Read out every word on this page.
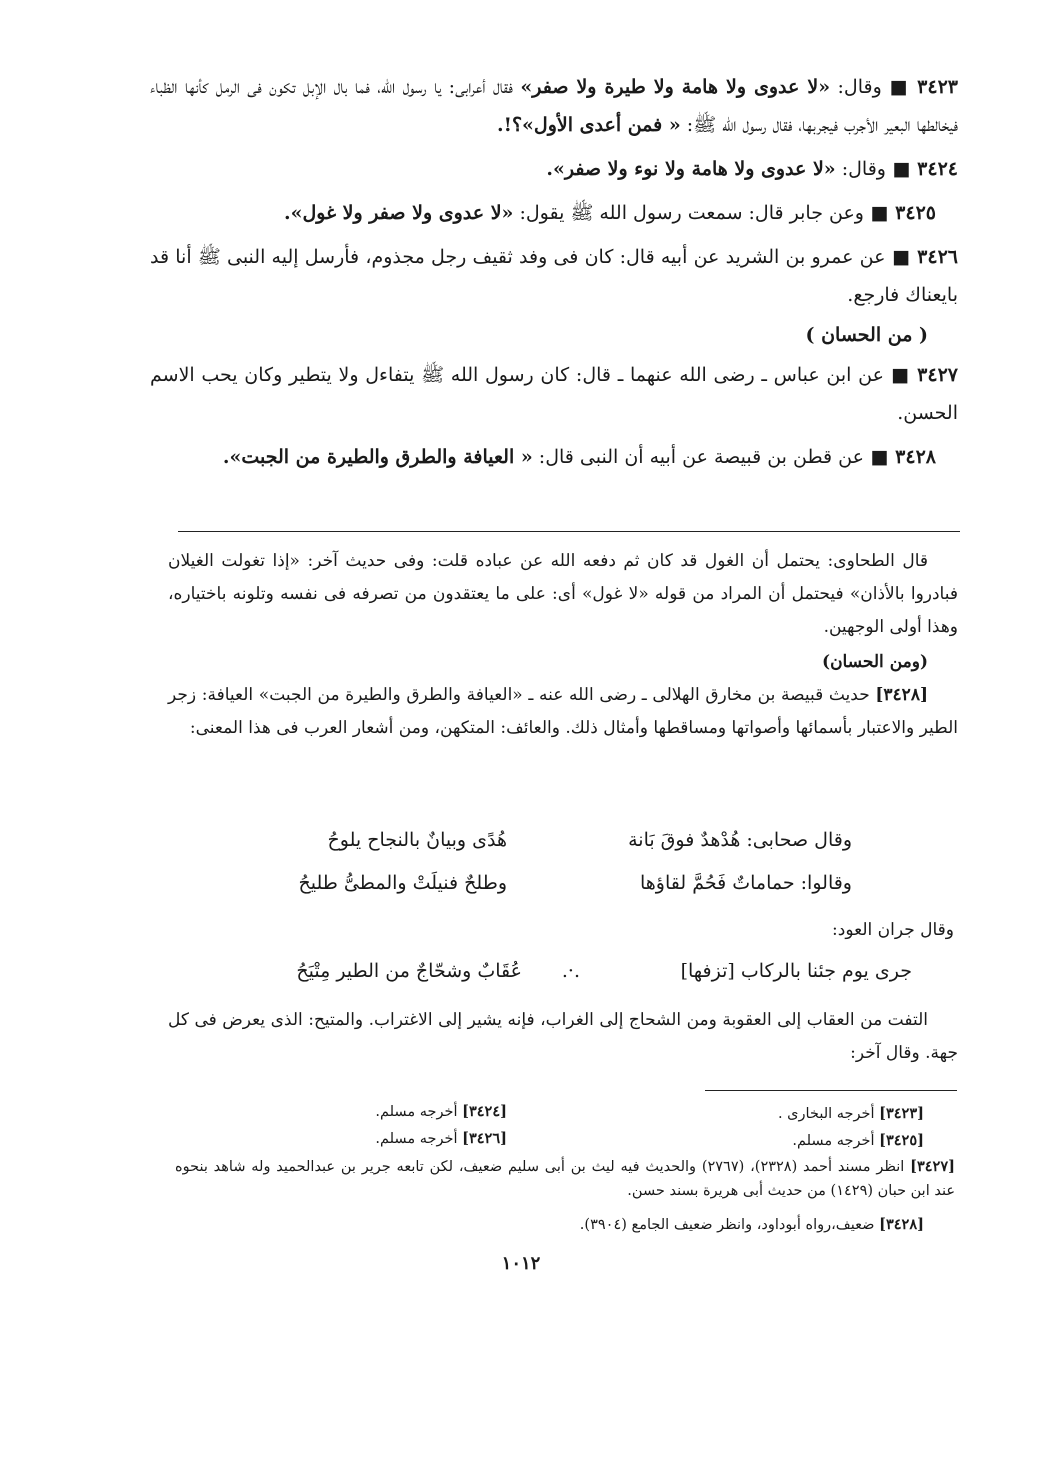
٣٤٢٣ ■ وقال: «لا عدوى ولا هامة ولا طيرة ولا صفر» فقال أعرابى: يا رسول الله، فما بال الإبل تكون فى الرمل كأنها الظباء فيخالطها البعير الأجرب فيجربها، فقال رسول الله ﷺ: « فمن أعدى الأول»؟!.

٣٤٢٤ ■ وقال: «لا عدوى ولا هامة ولا نوء ولا صفر».

٣٤٢٥ ■ وعن جابر قال: سمعت رسول الله ﷺ يقول: «لا عدوى ولا صفر ولا غول».

٣٤٢٦ ■ عن عمرو بن الشريد عن أبيه قال: كان فى وفد ثقيف رجل مجذوم، فأرسل إليه النبى ﷺ أنا قد بايعناك فارجع.

( من الحسان )

٣٤٢٧ ■ عن ابن عباس ـ رضى الله عنهما ـ قال: كان رسول الله ﷺ يتفاءل ولا يتطير وكان يحب الاسم الحسن.

٣٤٢٨ ■ عن قطن بن قبيصة عن أبيه أن النبى قال: « العيافة والطرق والطيرة من الجبت».

قال الطحاوى: يحتمل أن الغول قد كان ثم دفعه الله عن عباده قلت: وفى حديث آخر: «إذا تغولت الغيلان فبادروا بالأذان» فيحتمل أن المراد من قوله «لا غول» أى: على ما يعتقدون من تصرفه فى نفسه وتلونه باختياره، وهذا أولى الوجهين.

(ومن الحسان)

[٣٤٢٨] حديث قبيصة بن مخارق الهلالى ـ رضى الله عنه ـ «العيافة والطرق والطيرة من الجبت» العيافة: زجر الطير والاعتبار بأسمائها وأصواتها ومساقطها وأمثال ذلك. والعائف: المتكهن، ومن أشعار العرب فى هذا المعنى:

وقال صحابى: هُدْهدٌ فوقَ بَانة
هُدًى وبيانٌ بالنجاح يلوحُ
وقالوا: حماماتٌ فَحُمَّ لقاؤها
وطلحٌ فنيلَتْ والمطىُّ طليحُ
وقال جران العود:
جرى يوم جئنا بالركاب [تزفها]
.·.
عُقَابٌ وشحّاجٌ من الطير مِتْيَحُ

التفت من العقاب إلى العقوبة ومن الشحاج إلى الغراب، فإنه يشير إلى الاغتراب. والمتيح: الذى يعرض فى كل جهة. وقال آخر:

[٣٤٢٣] أخرجه البخارى .
[٣٤٢٤] أخرجه مسلم.
[٣٤٢٥] أخرجه مسلم.
[٣٤٢٦] أخرجه مسلم.
[٣٤٢٧] انظر مسند أحمد (٢٣٢٨)، (٢٧٦٧) والحديث فيه ليث بن أبى سليم ضعيف، لكن تابعه جرير بن عبدالحميد وله شاهد بنحوه عند ابن حبان (١٤٢٩) من حديث أبى هريرة بسند حسن.
[٣٤٢٨] ضعيف،رواه أبوداود، وانظر ضعيف الجامع (٣٩٠٤).
١٠١٢
